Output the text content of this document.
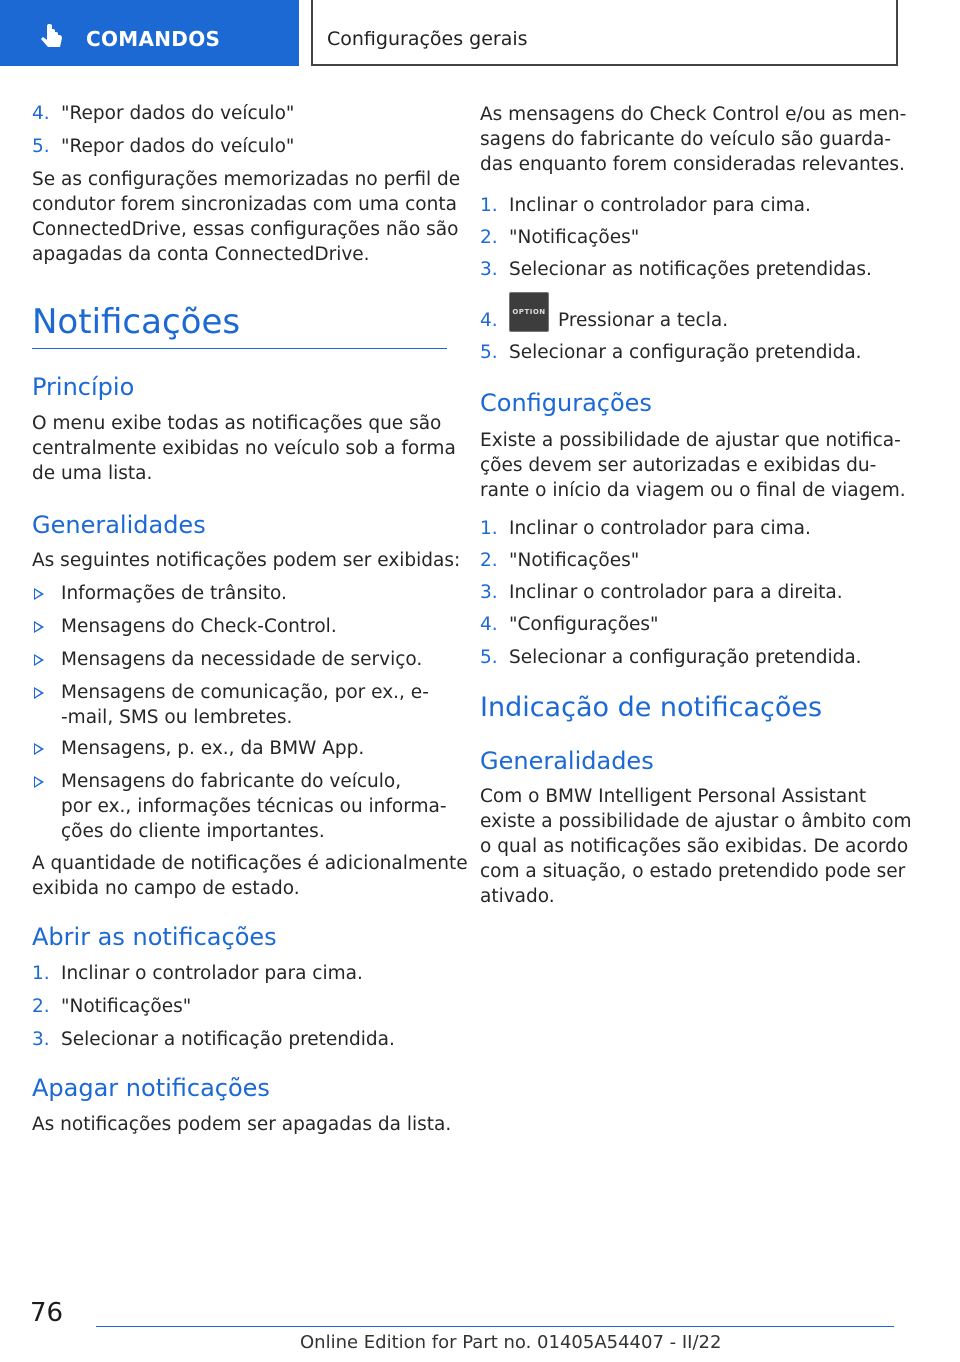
COMANDOS	Configurações gerais
4. "Repor dados do veículo"
5. "Repor dados do veículo"
Se as configurações memorizadas no perfil de
condutor forem sincronizadas com uma conta
ConnectedDrive, essas configurações não são
apagadas da conta ConnectedDrive.
Notificações
Princípio
O menu exibe todas as notificações que são
centralmente exibidas no veículo sob a forma
de uma lista.
Generalidades
As seguintes notificações podem ser exibidas:
Informações de trânsito.
Mensagens do Check-Control.
Mensagens da necessidade de serviço.
Mensagens de comunicação, por ex., e-
-mail, SMS ou lembretes.
Mensagens, p. ex., da BMW App.
Mensagens do fabricante do veículo,
por ex., informações técnicas ou informa-
ções do cliente importantes.
A quantidade de notificações é adicionalmente
exibida no campo de estado.
Abrir as notificações
1. Inclinar o controlador para cima.
2. "Notificações"
3. Selecionar a notificação pretendida.
Apagar notificações
As notificações podem ser apagadas da lista.
As mensagens do Check Control e/ou as men-
sagens do fabricante do veículo são guarda-
das enquanto forem consideradas relevantes.
1. Inclinar o controlador para cima.
2. "Notificações"
3. Selecionar as notificações pretendidas.
4.	OPTION Pressionar a tecla.
5. Selecionar a configuração pretendida.
Configurações
Existe a possibilidade de ajustar que notifica-
ções devem ser autorizadas e exibidas du-
rante o início da viagem ou o final de viagem.
1. Inclinar o controlador para cima.
2. "Notificações"
3. Inclinar o controlador para a direita.
4. "Configurações"
5. Selecionar a configuração pretendida.
Indicação de notificações
Generalidades
Com o BMW Intelligent Personal Assistant
existe a possibilidade de ajustar o âmbito com
o qual as notificações são exibidas. De acordo
com a situação, o estado pretendido pode ser
ativado.
76
Online Edition for Part no. 01405A54407 - II/22
